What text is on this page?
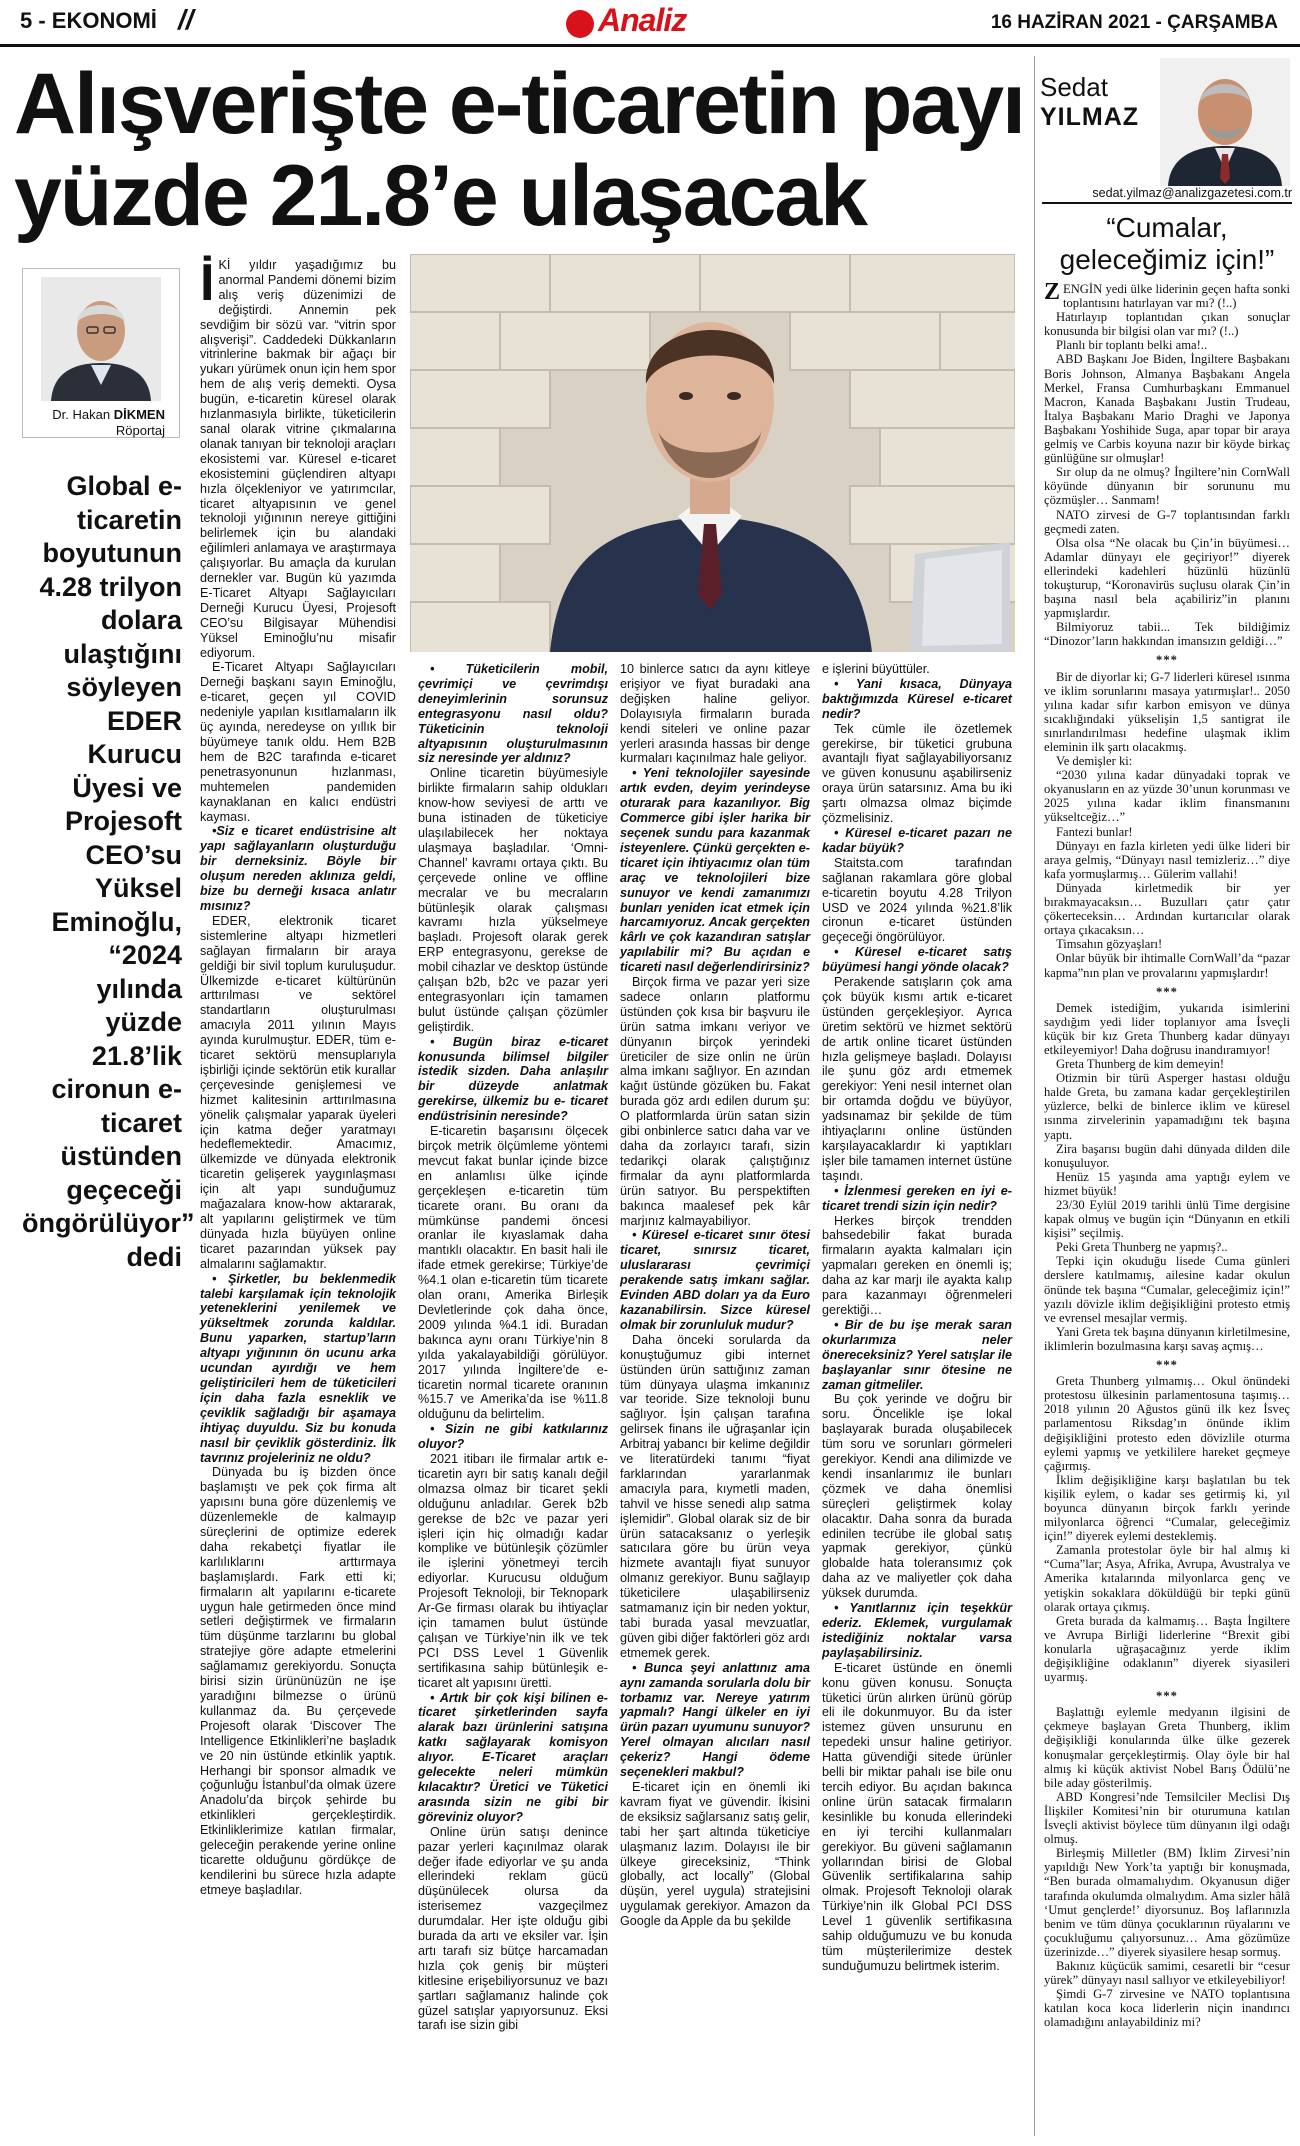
5 - EKONOMİ //	Analiz	16 HAZİRAN 2021 - ÇARŞAMBA
Alışverişte e-ticaretin payı yüzde 21.8’e ulaşacak
Dr. Hakan DİKMEN
Röportaj
Global e-ticaretin boyutunun 4.28 trilyon dolara ulaştığını söyleyen EDER Kurucu Üyesi ve Projesoft CEO’su Yüksel Eminoğlu, “2024 yılında yüzde 21.8’lik cironun e-ticaret üstünden geçeceği öngörülüyor” dedi
İ Kİ yıldır yaşadığımız bu anormal Pandemi dönemi bizim alış veriş düzenimizi de değiştirdi. Annemin pek sevdiğim bir sözü var. “vitrin spor alışverişi”. Caddedeki Dükkanların vitrinlerine bakmak bir ağaçı bir yukarı yürümek onun için hem spor hem de alış veriş demekti. Oysa bugün, e-ticaretin küresel olarak hızlanmasıyla birlikte, tüketicilerin sanal olarak vitrine çıkmalarına olanak tanıyan bir teknoloji araçları ekosistemi var. Küresel e-ticaret ekosistemini güçlendiren altyapı hızla ölçekleniyor ve yatırımcılar, ticaret altyapısının ve genel teknoloji yığınının nereye gittiğini belirlemek için bu alandaki eğilimleri anlamaya ve araştırmaya çalışıyorlar. Bu amaçla da kurulan dernekler var. Bugün kü yazımda E-Ticaret Altyapı Sağlayıcıları Derneği Kurucu Üyesi, Projesoft CEO’su Bilgisayar Mühendisi Yüksel Eminoğlu’nu misafir ediyorum.

E-Ticaret Altyapı Sağlayıcıları Derneği başkanı sayın Eminoğlu, e-ticaret, geçen yıl COVID nedeniyle yapılan kısıtlamaların ilk üç ayında, neredeyse on yıllık bir büyümeye tanık oldu. Hem B2B hem de B2C tarafında e-ticaret penetrasyonunun hızlanması, muhtemelen pandemiden kaynaklanan en kalıcı endüstri kayması.

•Siz e ticaret endüstrisine alt yapı sağlayanların oluşturduğu bir derneksiniz. Böyle bir oluşum nereden aklınıza geldi, bize bu derneği kısaca anlatır mısınız?

EDER, elektronik ticaret sistemlerine altyapı hizmetleri sağlayan firmaların bir araya geldiği bir sivil toplum kuruluşudur. Ülkemizde e-ticaret kültürünün arttırılması ve sektörel standartların oluşturulması amacıyla 2011 yılının Mayıs ayında kurulmuştur. EDER, tüm e-ticaret sektörü mensuplarıyla işbirliği içinde sektörün etik kurallar çerçevesinde genişlemesi ve hizmet kalitesinin arttırılmasına yönelik çalışmalar yaparak üyeleri için katma değer yaratmayı hedeflemektedir. Amacımız, ülkemizde ve dünyada elektronik ticaretin gelişerek yaygınlaşması için alt yapı sunduğumuz mağazalara know-how aktararak, alt yapılarını geliştirmek ve tüm dünyada hızla büyüyen online ticaret pazarından yüksek pay almalarını sağlamaktır.

• Şirketler, bu beklenmedik talebi karşılamak için teknolojik yeteneklerini yenilemek ve yükseltmek zorunda kaldılar. Bunu yaparken, startup’ların altyapı yığınının ön ucunu arka ucundan ayırdığı ve hem geliştiricileri hem de tüketicileri için daha fazla esneklik ve çeviklik sağladığı bir aşamaya ihtiyaç duyuldu. Siz bu konuda nasıl bir çeviklik gösterdiniz. İlk tavrınız projeleriniz ne oldu?

Dünyada bu iş bizden önce başlamıştı ve pek çok firma alt yapısını buna göre düzenlemiş ve düzenlemekle de kalmayıp süreçlerini de optimize ederek daha rekabetçi fiyatlar ile karlılıklarını arttırmaya başlamışlardı. Fark etti ki; firmaların alt yapılarını e-ticarete uygun hale getirmeden önce mind setleri değiştirmek ve firmaların tüm düşünme tarzlarını bu global stratejiye göre adapte etmelerini sağlamamız gerekiyordu. Sonuçta birisi sizin ürününüzün ne işe yaradığını bilmezse o ürünü kullanmaz da. Bu çerçevede Projesoft olarak ‘Discover The Intelligence Etkinlikleri’ne başladık ve 20 nin üstünde etkinlik yaptık. Herhangi bir sponsor almadık ve çoğunluğu İstanbul’da olmak üzere Anadolu’da birçok şehirde bu etkinlikleri gerçekleştirdik. Etkinliklerimize katılan firmalar, geleceğin perakende yerine online ticarette olduğunu gördükçe de kendilerini bu sürece hızla adapte etmeye başladılar.

• Tüketicilerin mobil, çevrimiçi ve çevrimdışı deneyimlerinin sorunsuz entegrasyonu nasıl oldu? Tüketicinin teknoloji altyapısının oluşturulmasının siz neresinde yer aldınız?

Online ticaretin büyümesiyle birlikte firmaların sahip oldukları know-how seviyesi de arttı ve buna istinaden de tüketiciye ulaşılabilecek her noktaya ulaşmaya başladılar. ‘Omni-Channel’ kavramı ortaya çıktı. Bu çerçevede online ve offline mecralar ve bu mecraların bütünleşik olarak çalışması kavramı hızla yükselmeye başladı. Projesoft olarak gerek ERP entegrasyonu, gerekse de mobil cihazlar ve desktop üstünde çalışan b2b, b2c ve pazar yeri entegrasyonları için tamamen bulut üstünde çalışan çözümler geliştirdik.

• Bugün biraz e-ticaret konusunda bilimsel bilgiler istedik sizden. Daha anlaşılır bir düzeyde anlatmak gerekirse, ülkemiz bu e- ticaret endüstrisinin neresinde?

E-ticaretin başarısını ölçecek birçok metrik ölçümleme yöntemi mevcut fakat bunlar içinde bizce en anlamlısı ülke içinde gerçekleşen e-ticaretin tüm ticarete oranı. Bu oranı da mümkünse pandemi öncesi oranlar ile kıyaslamak daha mantıklı olacaktır. En basit hali ile ifade etmek gerekirse; Türkiye’de %4.1 olan e-ticaretin tüm ticarete olan oranı, Amerika Birleşik Devletlerinde çok daha önce, 2009 yılında %4.1 idi. Buradan bakınca aynı oranı Türkiye’nin 8 yılda yakalayabildiği görülüyor. 2017 yılında İngiltere’de e-ticaretin normal ticarete oranının %15.7 ve Amerika’da ise %11.8 olduğunu da belirtelim.

• Sizin ne gibi katkılarınız oluyor?

2021 itibarı ile firmalar artık e-ticaretin ayrı bir satış kanalı değil olmazsa olmaz bir ticaret şekli olduğunu anladılar. Gerek b2b gereksе de b2c ve pazar yeri işleri için hiç olmadığı kadar komplike ve bütünleşik çözümler ile işlerini yönetmeyi tercih ediyorlar. Kurucusu olduğum Projesoft Teknoloji, bir Teknopark Ar-Ge firması olarak bu ihtiyaçlar için tamamen bulut üstünde çalışan ve Türkiye’nin ilk ve tek PCI DSS Level 1 Güvenlik sertifikasına sahip bütünleşik e-ticaret alt yapısını üretti.

• Artık bir çok kişi bilinen e-ticaret şirketlerinden sayfa alarak bazı ürünlerini satışına katkı sağlayarak komisyon alıyor. E-Ticaret araçları gelecekte neleri mümkün kılacaktır? Üretici ve Tüketici arasında sizin ne gibi bir göreviniz oluyor?

Online ürün satışı denince pazar yerleri kaçınılmaz olarak değer ifade ediyorlar ve şu anda ellerindeki reklam gücü düşünülecek olursa da isterisemez vazgeçilmez durumdalar. Her işte olduğu gibi burada da artı ve eksiler var. İşin artı tarafı siz bütçe harcamadan hızla çok geniş bir müşteri kitlesine erişebiliyorsunuz ve bazı şartları sağlamanız halinde çok güzel satışlar yapıyorsunuz. Eksi tarafı ise sizin gibi

10 binlerce satıcı da aynı kitleye erişiyor ve fiyat buradaki ana değişken haline geliyor. Dolayısıyla firmaların burada kendi siteleri ve online pazar yerleri arasında hassas bir denge kurmaları kaçınılmaz hale geliyor.

• Yeni teknolojiler sayesinde artık evden, deyim yerindeyse oturarak para kazanılıyor. Big Commerce gibi işler harika bir seçenek sundu para kazanmak isteyenlere. Çünkü gerçekten e-ticaret için ihtiyacımız olan tüm araç ve teknolojileri bize sunuyor ve kendi zamanımızı bunları yeniden icat etmek için harcamıyoruz. Ancak gerçekten kârlı ve çok kazandıran satışlar yapılabilir mi? Bu açıdan e ticareti nasıl değerlendirirsiniz?

Birçok firma ve pazar yeri size sadece onların platformu üstünden çok kısa bir başvuru ile ürün satma imkanı veriyor ve dünyanın birçok yerindeki üreticiler de size onlin ne ürün alma imkanı sağlıyor. En azından kağıt üstünde gözüken bu. Fakat burada göz ardı edilen durum şu: O platformlarda ürün satan sizin gibi onbinlerce satıcı daha var ve daha da zorlayıcı tarafı, sizin tedarikçi olarak çalıştığınız firmalar da aynı platformlarda ürün satıyor. Bu perspektiften bakınca maalesef pek kâr marjınız kalmayabiliyor.

• Küresel e-ticaret sınır ötesi ticaret, sınırsız ticaret, uluslararası çevrimiçi perakende satış imkanı sağlar. Evinden ABD doları ya da Euro kazanabilirsin. Sizce küresel olmak bir zorunluluk mudur?

Daha önceki sorularda da konuştuğumuz gibi internet üstünden ürün sattığınız zaman tüm dünyaya ulaşma imkanınız var teoride. Size teknoloji bunu sağlıyor. İşin çalışan tarafına gelirsek finans ile uğraşanlar için Arbitraj yabancı bir kelime değildir ve literatürdeki tanımı “fiyat farklarından yararlanmak amacıyla para, kıymetli maden, tahvil ve hisse senedi alıp satma işlemidir”. Global olarak siz de bir ürün satacaksanız o yerleşik satıcılara göre bu ürün veya hizmete avantajlı fiyat sunuyor olmanız gerekiyor. Bunu sağlayıp tüketicilere ulaşabilirseniz satmamanız için bir neden yoktur, tabi burada yasal mevzuatlar, güven gibi diğer faktörleri göz ardı etmemek gerek.

• Bunca şeyi anlattınız ama aynı zamanda sorularla dolu bir torbamız var. Nereye yatırım yapmalı? Hangi ülkeler en iyi ürün pazarı uyumunu sunuyor? Yerel olmayan alıcıları nasıl çekeriz? Hangi ödeme seçenekleri makbul?

E-ticaret için en önemli iki kavram fiyat ve güvendir. İkisini de eksiksiz sağlarsanız satış gelir, tabi her şart altında tüketiciye ulaşmanız lazım. Dolayısı ile bir ülkeye gireceksiniz, “Think globally, act locally” (Global düşün, yerel uygula) stratejisini uygulamak gerekiyor. Amazon da Google da Apple da bu şekilde

e işlerini büyüttüler.

• Yani kısaca, Dünyaya baktığımızda Küresel e-ticaret nedir?

Tek cümle ile özetlemek gerekirse, bir tüketici grubuna avantajlı fiyat sağlayabiliyorsanız ve güven konusunu aşabilirseniz oraya ürün satarsınız. Ama bu iki şartı olmazsa olmaz biçimde çözmelisiniz.

• Küresel e-ticaret pazarı ne kadar büyük?

Staitsta.com tarafından sağlanan rakamlara göre global e-ticaretin boyutu 4.28 Trilyon USD ve 2024 yılında %21.8’lik cironun e-ticaret üstünden geçeceği öngörülüyor.

• Küresel e-ticaret satış büyümesi hangi yönde olacak?

Perakende satışların çok ama çok büyük kısmı artık e-ticaret üstünden gerçekleşiyor. Ayrıca üretim sektörü ve hizmet sektörü de artık online ticaret üstünden hızla gelişmeye başladı. Dolayısı ile şunu göz ardı etmemek gerekiyor: Yeni nesil internet olan bir ortamda doğdu ve büyüyor, yadsınamaz bir şekilde de tüm ihtiyaçlarını online üstünden karşılayacaklardır ki yaptıkları işler bile tamamen internet üstüne taşındı.

• İzlenmesi gereken en iyi e-ticaret trendi sizin için nedir?

Herkes birçok trendden bahsedebilir fakat burada firmaların ayakta kalmaları için yapmaları gereken en önemli iş; daha az kar marjı ile ayakta kalıp para kazanmayı öğrenmeleri gerektiği…

• Bir de bu işe merak saran okurlarımıza neler önereceksiniz? Yerel satışlar ile başlayanlar sınır ötesine ne zaman gitmeliler.

Bu çok yerinde ve doğru bir soru. Öncelikle işe lokal başlayarak burada oluşabilecek tüm soru ve sorunları görmeleri gerekiyor. Kendi ana dilimizde ve kendi insanlarımız ile bunları çözmek ve daha önemlisi süreçleri geliştirmek kolay olacaktır. Daha sonra da burada edinilen tecrübe ile global satış yapmak gerekiyor, çünkü globalde hata toleransımız çok daha az ve maliyetler çok daha yüksek durumda.

• Yanıtlarınız için teşekkür ederiz. Eklemek, vurgulamak istediğiniz noktalar varsa paylaşabilirsiniz.

E-ticaret üstünde en önemli konu güven konusu. Sonuçta tüketici ürün alırken ürünü görüp eli ile dokunmuyor. Bu da ister istemez güven unsurunu en tepedeki unsur haline getiriyor. Hatta güvendiği sitede ürünler belli bir miktar pahalı ise bile onu tercih ediyor. Bu açıdan bakınca online ürün satacak firmaların kesinlikle bu konuda ellerindeki en iyi tercihi kullanmaları gerekiyor. Bu güveni sağlamanın yollarından birisi de Global Güvenlik sertifikalarına sahip olmak. Projesoft Teknoloji olarak Türkiye’nin ilk Global PCI DSS Level 1 güvenlik sertifikasına sahip olduğumuzu ve bu konuda tüm müşterilerimize destek sunduğumuzu belirtmek isterim.

Sedat
YILMAZ
sedat.yilmaz@analizgazetesi.com.tr
“Cumalar, geleceğimiz için!”

ZENGİN yedi ülke liderinin geçen hafta sonki toplantısını hatırlayan var mı? (!..)

Hatırlayıp toplantıdan çıkan sonuçlar konusunda bir bilgisi olan var mı? (!..)

Planlı bir toplantı belki ama!..

ABD Başkanı Joe Biden, İngiltere Başbakanı Boris Johnson, Almanya Başbakanı Angela Merkel, Fransa Cumhurbaşkanı Emmanuel Macron, Kanada Başbakanı Justin Trudeau, İtalya Başbakanı Mario Draghi ve Japonya Başbakanı Yoshihide Suga, apar topar bir araya gelmiş ve Carbis koyuna nazır bir köyde birkaç günlüğüne sır olmuşlar!

Sır olup da ne olmuş? İngiltere’nin CornWall köyünde dünyanın bir sorununu mu çözmüşler… Sanmam!

NATO zirvesi de G-7 toplantısından farklı geçmedi zaten.

Olsa olsa “Ne olacak bu Çin’in büyümesi… Adamlar dünyayı ele geçiriyor!” diyerek ellerindeki kadehleri hüzünlü hüzünlü tokuşturup, “Koronavirüs suçlusu olarak Çin’in başına nasıl bela açabiliriz”in planını yapmışlardır.

Bilmiyoruz tabii... Tek bildiğimiz “Dinozor’ların hakkından imansızın geldiği…”

***

Bir de diyorlar ki; G-7 liderleri küresel ısınma ve iklim sorunlarını masaya yatırmışlar!.. 2050 yılına kadar sıfır karbon emisyon ve dünya sıcaklığındaki yükselişin 1,5 santigrat ile sınırlandırılması hedefine ulaşmak iklim eleminin ilk şartı olacakmış.

Ve demişler ki:

“2030 yılına kadar dünyadaki toprak ve okyanusların en az yüzde 30’unun korunması ve 2025 yılına kadar iklim finansmanını yükseltceğiz…”

Fantezi bunlar!

Dünyayı en fazla kirleten yedi ülke lideri bir araya gelmiş, “Dünyayı nasıl temizleriz…” diye kafa yormuşlarmış… Gülerim vallahi!

Dünyada kirletmedik bir yer bırakmayacaksın… Buzulları çatır çatır çökerteceksin… Ardından kurtarıcılar olarak ortaya çıkacaksın…

Timsahın gözyaşları!

Onlar büyük bir ihtimalle CornWall’da “pazar kapma”nın plan ve provalarını yapmışlardır!

***

Demek istediğim, yukarıda isimlerini saydığım yedi lider toplanıyor ama İsveçli küçük bir kız Greta Thunberg kadar dünyayı etkileyemiyor! Daha doğrusu inandıramıyor!

Greta Thunberg de kim demeyin!

Otizmin bir türü Asperger hastası olduğu halde Greta, bu zamana kadar gerçekleştirilen yüzlerce, belki de binlerce iklim ve küresel ısınma zirvelerinin yapamadığını tek başına yaptı.

Zira başarısı bugün dahi dünyada dilden dile konuşuluyor.

Henüz 15 yaşında ama yaptığı eylem ve hizmet büyük!

23/30 Eylül 2019 tarihli ünlü Time dergisine kapak olmuş ve bugün için “Dünyanın en etkili kişisi” seçilmiş.

Peki Greta Thunberg ne yapmış?..

Tepki için okuduğu lisede Cuma günleri derslere katılmamış, ailesine kadar okulun önünde tek başına “Cumalar, geleceğimiz için!” yazılı dövizle iklim değişikliğini protesto etmiş ve evrensel mesajlar vermiş.

Yani Greta tek başına dünyanın kirletilmesine, iklimlerin bozulmasına karşı savaş açmış…

***

Greta Thunberg yılmamış… Okul önündeki protestosu ülkesinin parlamentosuna taşımış… 2018 yılının 20 Ağustos günü ilk kez İsveç parlamentosu Riksdag’ın önünde iklim değişikliğini protesto eden dövizlile oturma eylemi yapmış ve yetkililere hareket geçmeye çağırmış.

İklim değişikliğine karşı başlatılan bu tek kişilik eylem, o kadar ses getirmiş ki, yıl boyunca dünyanın birçok farklı yerinde milyonlarca öğrenci “Cumalar, geleceğimiz için!” diyerek eylemi desteklemiş.

Zamanla protestolar öyle bir hal almış ki “Cuma”lar; Asya, Afrika, Avrupa, Avustralya ve Amerika kıtalarında milyonlarca genç ve yetişkin sokaklara döküldüğü bir tepki günü olarak ortaya çıkmış.

Greta burada da kalmamış… Başta İngiltere ve Avrupa Birliği liderlerine “Brexit gibi konularla uğraşacağınız yerde iklim değişikliğine odaklanın” diyerek siyasileri uyarmış.

***

Başlattığı eylemle medyanın ilgisini de çekmeye başlayan Greta Thunberg, iklim değişikliği konularında ülke ülke gezerek konuşmalar gerçekleştirmiş. Olay öyle bir hal almış ki küçük aktivist Nobel Barış Ödülü’ne bile aday gösterilmiş.

ABD Kongresi’nde Temsilciler Meclisi Dış İlişkiler Komitesi’nin bir oturumuna katılan İsveçli aktivist böylece tüm dünyanın ilgi odağı olmuş.

Birleşmiş Milletler (BM) İklim Zirvesi’nin yapıldığı New York’ta yaptığı bir konuşmada, “Ben burada olmamalıydım. Okyanusun diğer tarafında okulumda olmalıydım. Ama sizler hâlâ ‘Umut gençlerde!’ diyorsunuz. Boş laflarınızla benim ve tüm dünya çocuklarının rüyalarını ve çocukluğumu çalıyorsunuz… Ama gözümüze üzerinizde…” diyerek siyasilere hesap sormuş.

Bakınız küçücük samimi, cesaretli bir “cesur yürek” dünyayı nasıl sallıyor ve etkileyebiliyor!

Şimdi G-7 zirvesine ve NATO toplantısına katılan koca koca liderlerin niçin inandırıcı olamadığını anlayabildiniz mi?
